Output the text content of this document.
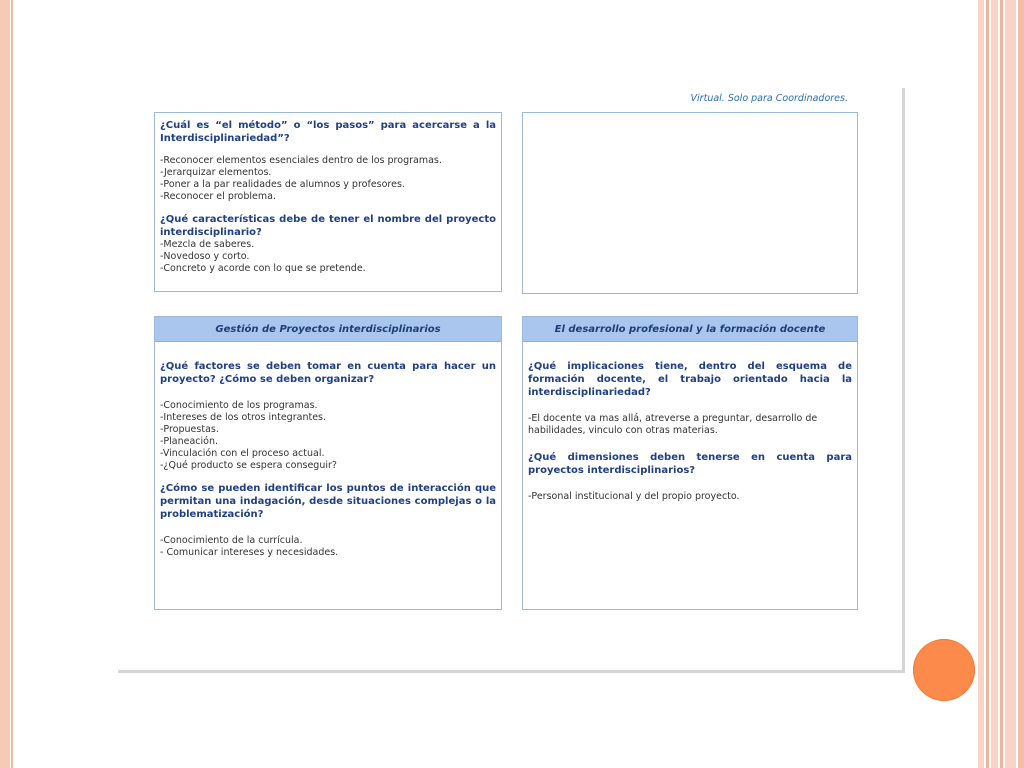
Virtual. Solo para Coordinadores.

¿Cuál es “el método” o “los pasos” para acercarse a la Interdisciplinariedad”?

-Reconocer elementos esenciales dentro de los programas.

-Jerarquizar elementos.

-Poner a la par realidades de alumnos y profesores.

-Reconocer el problema.

¿Qué características debe de tener el nombre del proyecto interdisciplinario?

-Mezcla de saberes.

-Novedoso y corto.

-Concreto y acorde con lo que se pretende.

Gestión de Proyectos interdisciplinarios

¿Qué factores se deben tomar en cuenta para hacer un proyecto? ¿Cómo se deben organizar?

-Conocimiento de los programas.

-Intereses de los otros integrantes.

-Propuestas.

-Planeación.

-Vinculación con el proceso actual.

-¿Qué producto se espera conseguir?

¿Cómo se pueden identificar los puntos de interacción que permitan una indagación, desde situaciones complejas o la problematización?

-Conocimiento de la currícula.

- Comunicar intereses y necesidades.

El desarrollo profesional y la formación docente

¿Qué implicaciones tiene, dentro del esquema de formación docente, el trabajo orientado hacia la interdisciplinariedad?

-El docente va mas allá, atreverse a preguntar, desarrollo de habilidades, vinculo con otras materias.

¿Qué dimensiones deben tenerse en cuenta para proyectos interdisciplinarios?

-Personal institucional y del propio proyecto.
